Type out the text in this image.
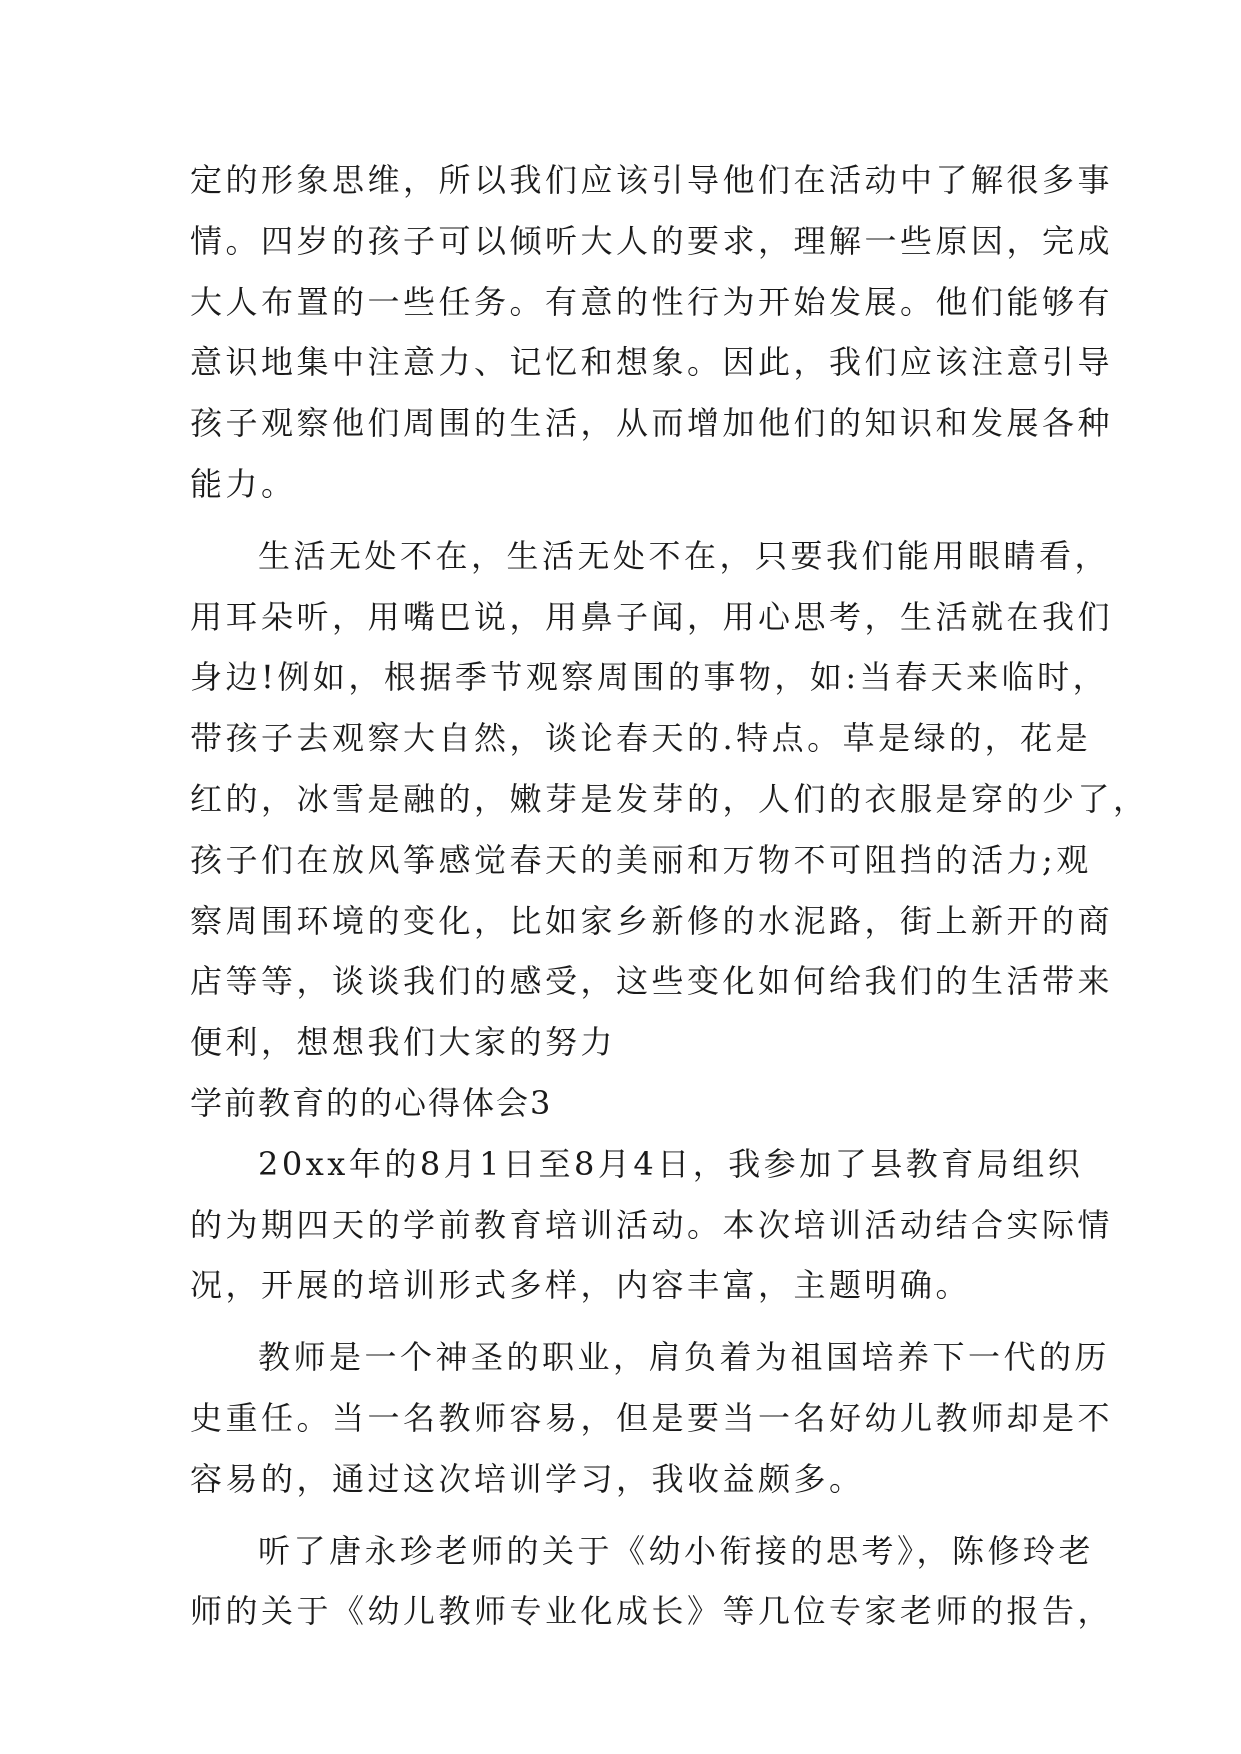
定的形象思维，所以我们应该引导他们在活动中了解很多事
情。四岁的孩子可以倾听大人的要求，理解一些原因，完成
大人布置的一些任务。有意的性行为开始发展。他们能够有
意识地集中注意力、记忆和想象。因此，我们应该注意引导
孩子观察他们周围的生活，从而增加他们的知识和发展各种
能力。
生活无处不在，生活无处不在，只要我们能用眼睛看，
用耳朵听，用嘴巴说，用鼻子闻，用心思考，生活就在我们
身边!例如，根据季节观察周围的事物，如:当春天来临时，
带孩子去观察大自然，谈论春天的.特点。草是绿的，花是
红的，冰雪是融的，嫩芽是发芽的，人们的衣服是穿的少了，
孩子们在放风筝感觉春天的美丽和万物不可阻挡的活力;观
察周围环境的变化，比如家乡新修的水泥路，街上新开的商
店等等，谈谈我们的感受，这些变化如何给我们的生活带来
便利，想想我们大家的努力
学前教育的的心得体会3
20xx年的8月1日至8月4日，我参加了县教育局组织
的为期四天的学前教育培训活动。本次培训活动结合实际情
况，开展的培训形式多样，内容丰富，主题明确。
教师是一个神圣的职业，肩负着为祖国培养下一代的历
史重任。当一名教师容易，但是要当一名好幼儿教师却是不
容易的，通过这次培训学习，我收益颇多。
听了唐永珍老师的关于《幼小衔接的思考》，陈修玲老
师的关于《幼儿教师专业化成长》等几位专家老师的报告，
